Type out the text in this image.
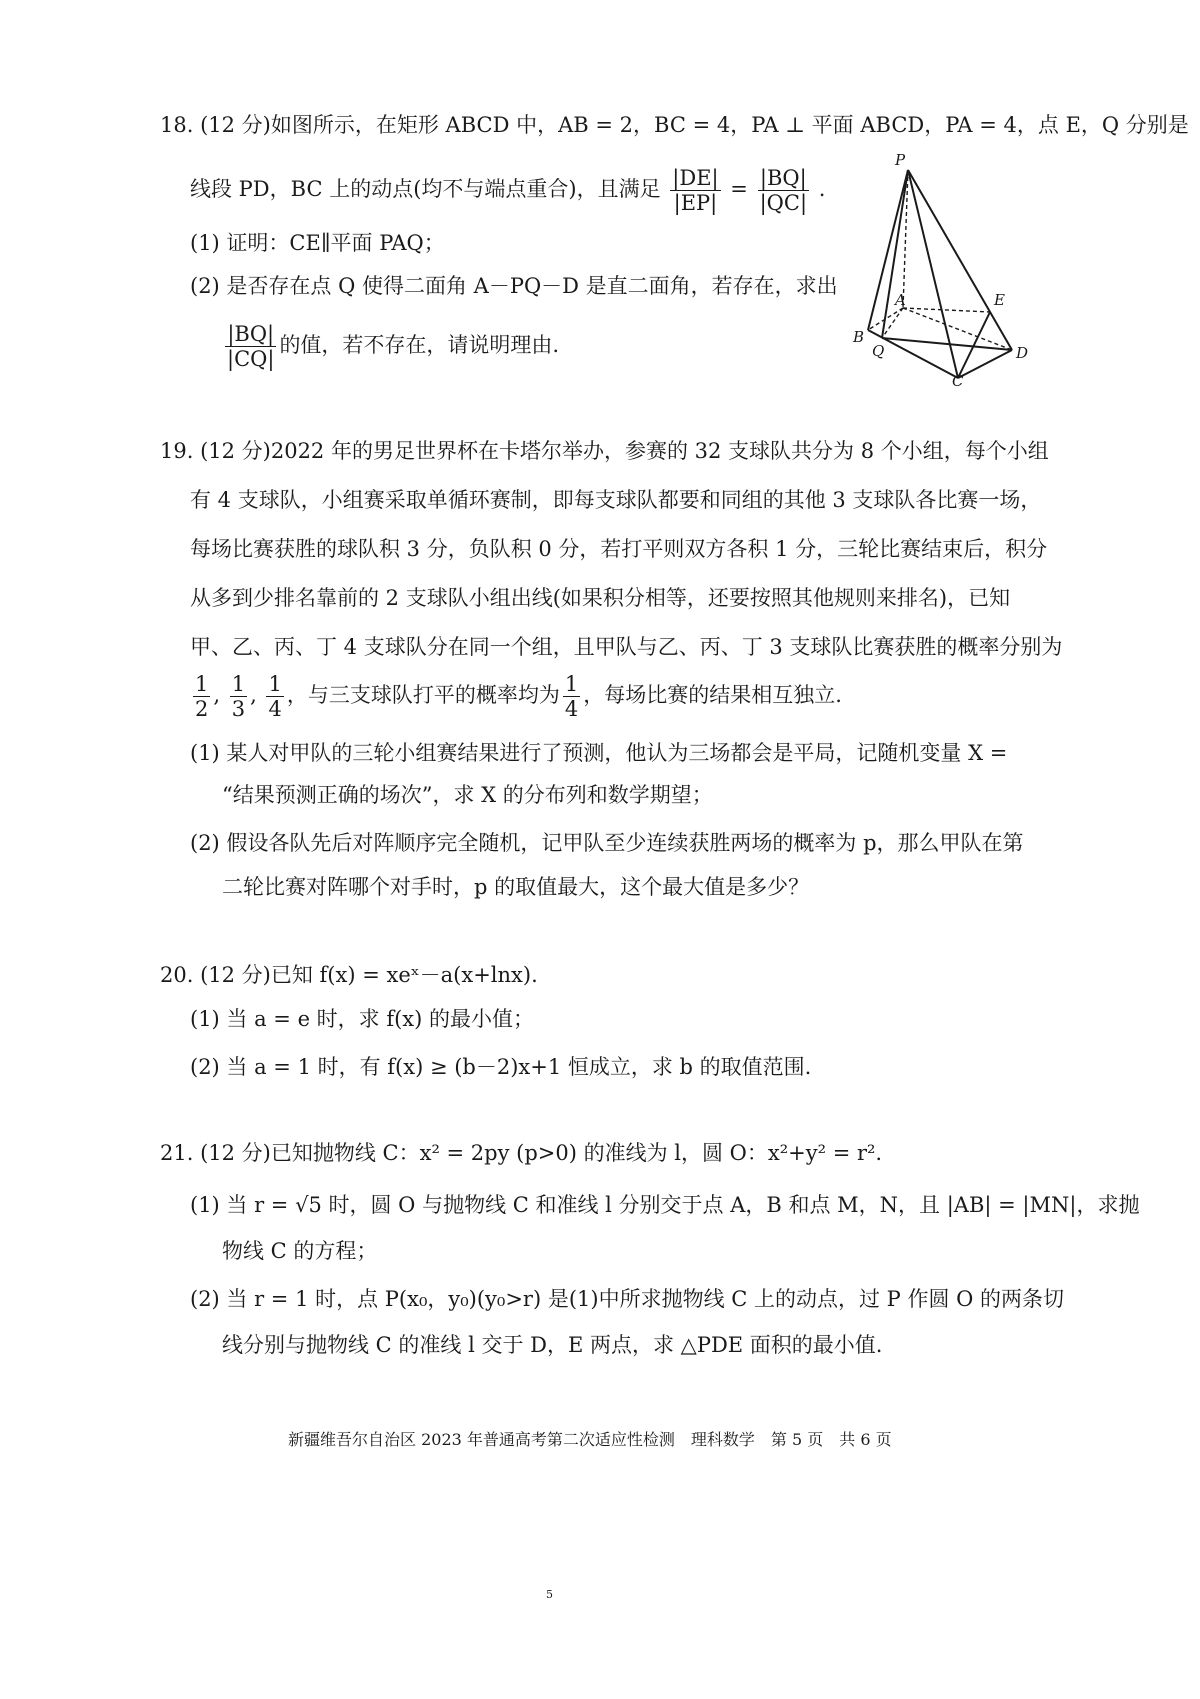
18. (12 分)如图所示，在矩形 ABCD 中，AB = 2，BC = 4，PA ⊥ 平面 ABCD，PA = 4，点 E，Q 分别是
线段 PD，BC 上的动点(均不与端点重合)，且满足 $\frac{|DE|}{|EP|} = \frac{|BQ|}{|QC|}$ .
(1) 证明：CE∥平面 PAQ；
(2) 是否存在点 Q 使得二面角 A－PQ－D 是直二面角，若存在，求出
$\frac{|BQ|}{|CQ|}$ 的值，若不存在，请说明理由.
P
A
B
Q
C
D
E
19. (12 分)2022 年的男足世界杯在卡塔尔举办，参赛的 32 支球队共分为 8 个小组，每个小组
有 4 支球队，小组赛采取单循环赛制，即每支球队都要和同组的其他 3 支球队各比赛一场，
每场比赛获胜的球队积 3 分，负队积 0 分，若打平则双方各积 1 分，三轮比赛结束后，积分
从多到少排名靠前的 2 支球队小组出线(如果积分相等，还要按照其他规则来排名)，已知
甲、乙、丙、丁 4 支球队分在同一个组，且甲队与乙、丙、丁 3 支球队比赛获胜的概率分别为
$\frac{1}{2}$ , $\frac{1}{3}$ , $\frac{1}{4}$ ，与三支球队打平的概率均为 $\frac{1}{4}$ ，每场比赛的结果相互独立.
(1) 某人对甲队的三轮小组赛结果进行了预测，他认为三场都会是平局，记随机变量 X =
“结果预测正确的场次”，求 X 的分布列和数学期望；
(2) 假设各队先后对阵顺序完全随机，记甲队至少连续获胜两场的概率为 p，那么甲队在第
二轮比赛对阵哪个对手时，p 的取值最大，这个最大值是多少？
20. (12 分)已知 f(x) = xeˣ－a(x+lnx).
(1) 当 a = e 时，求 f(x) 的最小值；
(2) 当 a = 1 时，有 f(x) ≥ (b－2)x+1 恒成立，求 b 的取值范围.
21. (12 分)已知抛物线 C：x² = 2py (p>0) 的准线为 l，圆 O：x²+y² = r².
(1) 当 r = √5 时，圆 O 与抛物线 C 和准线 l 分别交于点 A，B 和点 M，N，且 |AB| = |MN|，求抛
物线 C 的方程；
(2) 当 r = 1 时，点 P(x₀，y₀)(y₀>r) 是(1)中所求抛物线 C 上的动点，过 P 作圆 O 的两条切
线分别与抛物线 C 的准线 l 交于 D，E 两点，求 △PDE 面积的最小值.
新疆维吾尔自治区 2023 年普通高考第二次适应性检测　理科数学　第 5 页　共 6 页
5
